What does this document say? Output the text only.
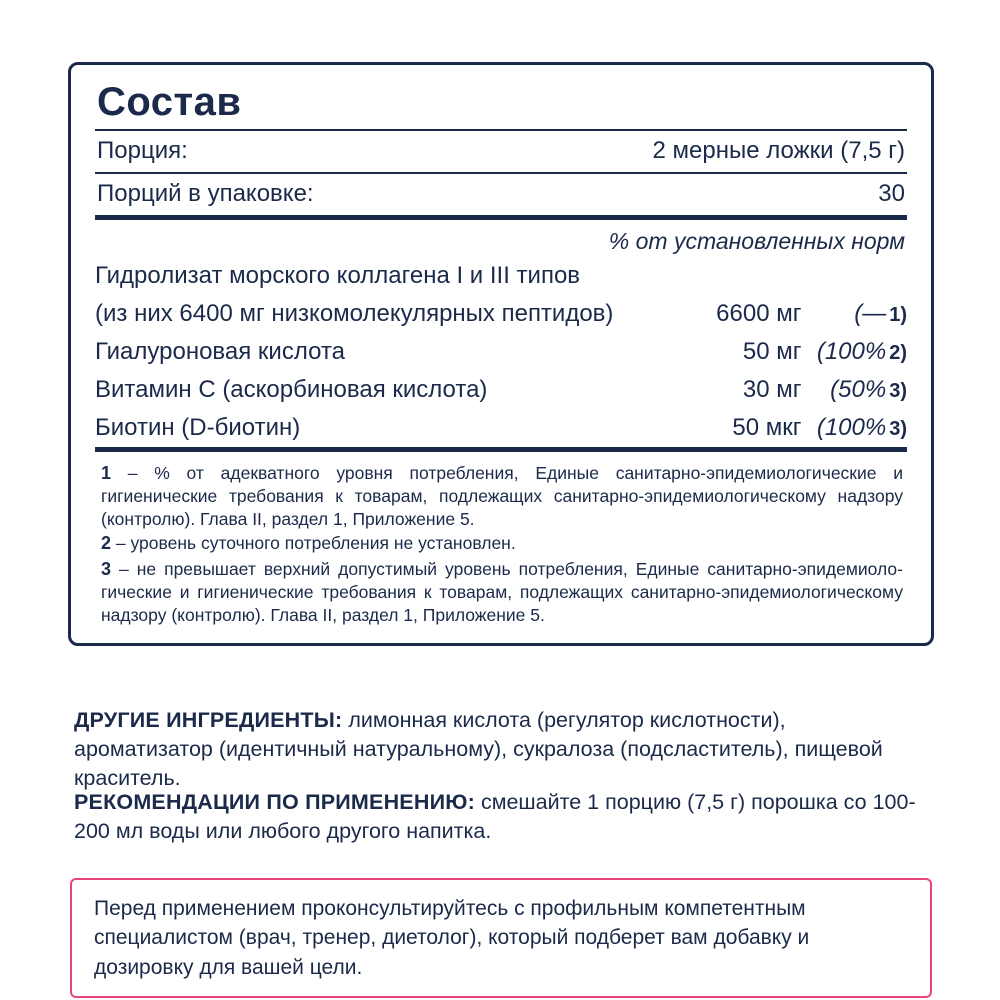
Состав
Порция:	2 мерные ложки (7,5 г)
Порций в упаковке:	30
% от установленных норм
Гидролизат морского коллагена I и III типов		
(из них 6400 мг низкомолекулярных пептидов)	6600 мг	(— 1)
Гиалуроновая кислота	50 мг	(100% 2)
Витамин C (аскорбиновая кислота)	30 мг	(50% 3)
Биотин (D-биотин)	50 мкг	(100% 3)

1 – % от адекватного уровня потребления, Единые санитарно-эпидемиологические и гигиенические требования к товарам, подлежащих санитарно-эпидемиологическому надзору (контролю). Глава II, раздел 1, Приложение 5.

2 – уровень суточного потребления не установлен.

3 – не превышает верхний допустимый уровень потребления, Единые санитарно-эпидемиоло-гические и гигиенические требования к товарам, подлежащих санитарно-эпидемиологическому надзору (контролю). Глава II, раздел 1, Приложение 5.

ДРУГИЕ ИНГРЕДИЕНТЫ: лимонная кислота (регулятор кислотности), ароматизатор (идентичный натуральному), сукралоза (подсластитель), пищевой краситель.
РЕКОМЕНДАЦИИ ПО ПРИМЕНЕНИЮ: смешайте 1 порцию (7,5 г) порошка со 100-200 мл воды или любого другого напитка.
Перед применением проконсультируйтесь с профильным компетентным специалистом (врач, тренер, диетолог), который подберет вам добавку и дозировку для вашей цели.
